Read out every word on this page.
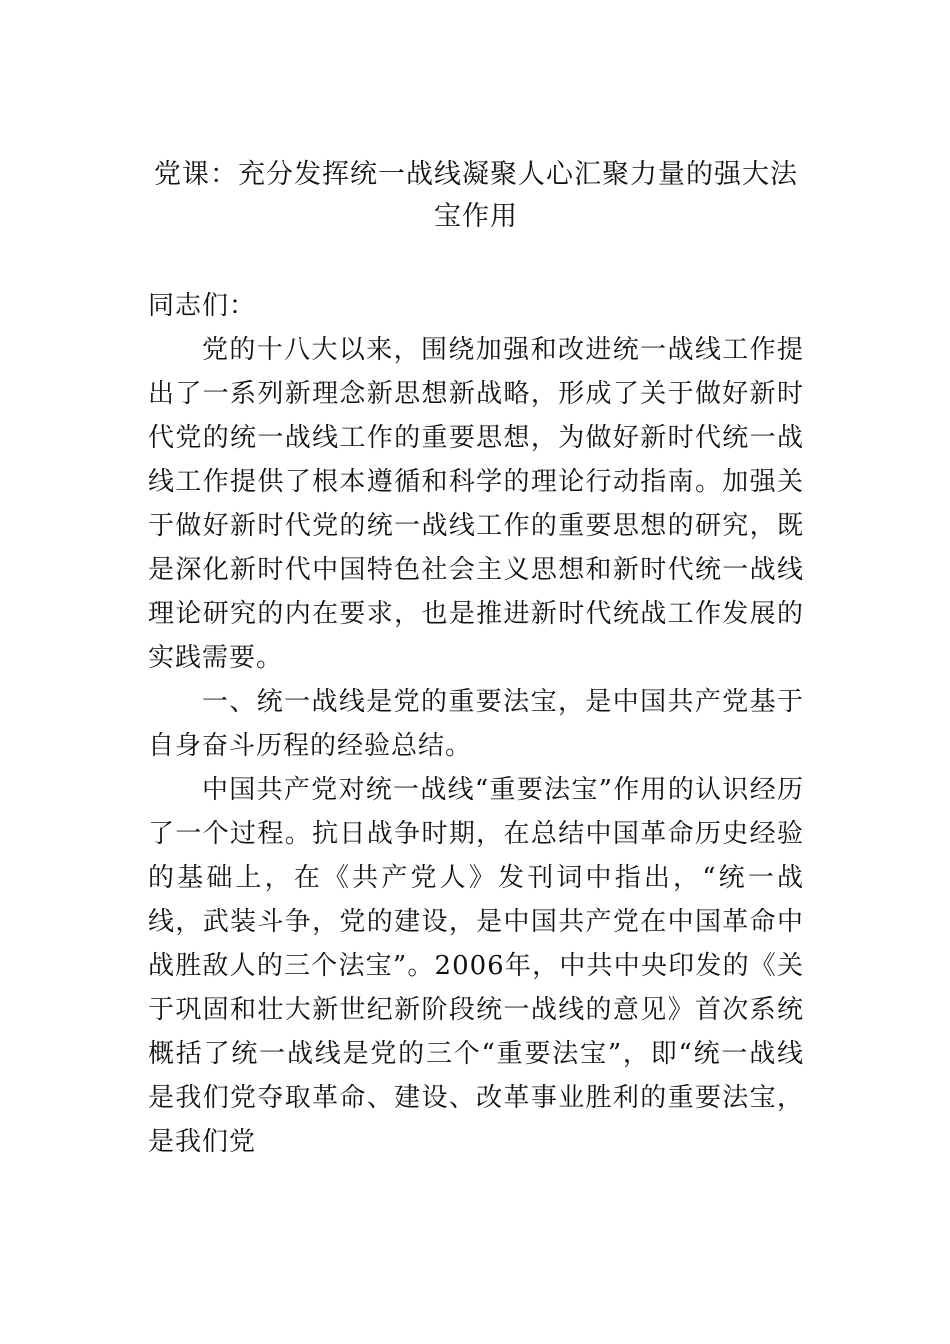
党课：充分发挥统一战线凝聚人心汇聚力量的强大法宝作用

同志们：

党的十八大以来，围绕加强和改进统一战线工作提出了一系列新理念新思想新战略，形成了关于做好新时代党的统一战线工作的重要思想，为做好新时代统一战线工作提供了根本遵循和科学的理论行动指南。加强关于做好新时代党的统一战线工作的重要思想的研究，既是深化新时代中国特色社会主义思想和新时代统一战线理论研究的内在要求，也是推进新时代统战工作发展的实践需要。

一、统一战线是党的重要法宝，是中国共产党基于自身奋斗历程的经验总结。

中国共产党对统一战线“重要法宝”作用的认识经历了一个过程。抗日战争时期，在总结中国革命历史经验的基础上，在《共产党人》发刊词中指出，“统一战线，武装斗争，党的建设，是中国共产党在中国革命中战胜敌人的三个法宝”。2006年，中共中央印发的《关于巩固和壮大新世纪新阶段统一战线的意见》首次系统概括了统一战线是党的三个“重要法宝”，即“统一战线是我们党夺取革命、建设、改革事业胜利的重要法宝，是我们党
